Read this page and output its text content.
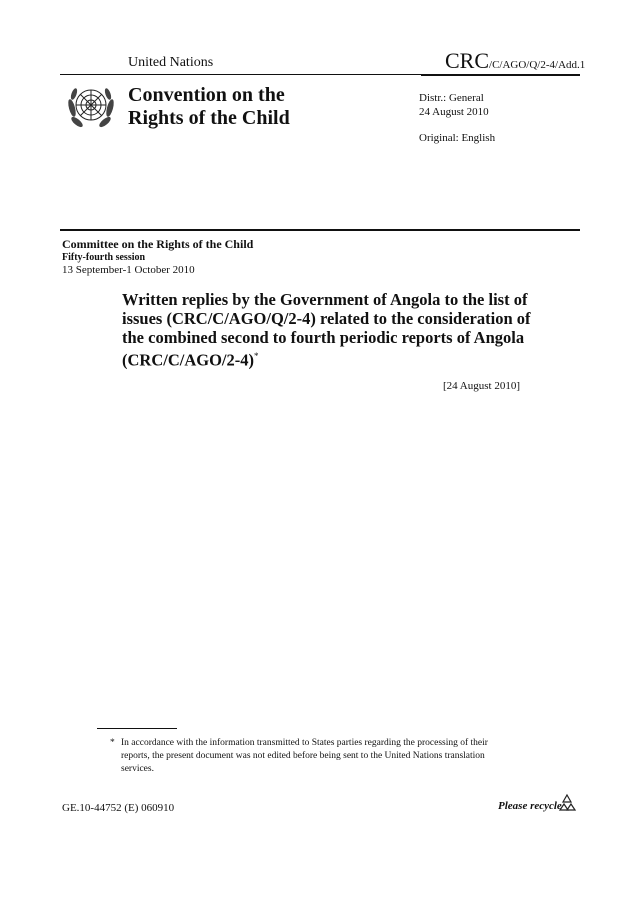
United Nations	CRC/C/AGO/Q/2-4/Add.1
Convention on the
Rights of the Child
Distr.: General
24 August 2010
Original: English
Committee on the Rights of the Child
Fifty-fourth session
13 September-1 October 2010
Written replies by the Government of Angola to the list of issues (CRC/C/AGO/Q/2-4) related to the consideration of the combined second to fourth periodic reports of Angola (CRC/C/AGO/2-4)*
[24 August 2010]
* In accordance with the information transmitted to States parties regarding the processing of their reports, the present document was not edited before being sent to the United Nations translation services.
GE.10-44752 (E) 060910	Please recycle
